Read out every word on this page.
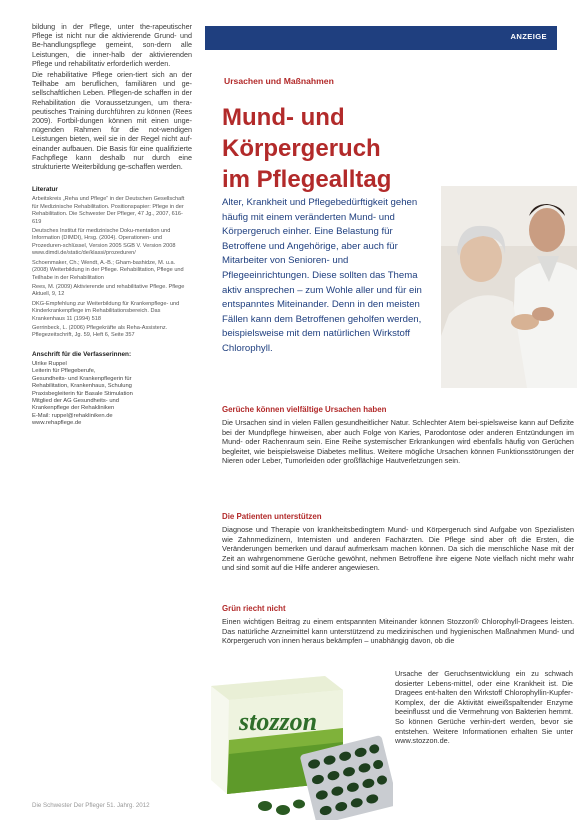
bildung in der Pflege, unter the-rapeutischer Pflege ist nicht nur die aktivierende Grund- und Be-handlungspflege gemeint, son-dern alle Leistungen, die inner-halb der aktivierenden Pflege und rehabilitativ erforderlich werden.

Die rehabilitative Pflege orien-tiert sich an der Teilhabe am beruflichen, familiären und ge-sellschaftlichen Leben. Pflegen-de schaffen in der Rehabilitation die Voraussetzungen, um thera-peutisches Training durchführen zu können (Rees 2009). Fortbil-dungen können mit einen unge-nügenden Rahmen für die not-wendigen Leistungen bieten, weil sie in der Regel nicht auf-einander aufbauen. Die Basis für eine qualifizierte Fachpflege kann deshalb nur durch eine strukturierte Weiterbildung ge-schaffen werden.

Literatur
Arbeitskreis „Reha und Pflege“ in der Deutschen Gesellschaft für Medizinische Rehabilitation. Positionspapier: Pflege in der Rehabilitation. Die Schwester Der Pfleger, 47 Jg., 2007, 616-619
Deutsches Institut für medizinische Doku-mentation und Information (DIMDI), Hrsg. (2004). Operationen- und Prozeduren-schlüssel, Version 2005 SGB V. Version 2008 www.dimdi.de/static/de/klassi/prozeduren/
Schoenmaker, Ch.; Wendt, A.-B.; Gham-bashidze, M. u.a. (2008) Weiterbildung in der Pflege. Rehabilitation, Pflege und Teilhabe in der Rehabilitation
Rees, M. (2009) Aktivierende und rehabilitative Pflege. Pflege Aktuell, 9, 12
DKG-Empfehlung zur Weiterbildung für Krankenpflege- und Kinderkrankenpflege im Rehabilitationsbereich. Das Krankenhaus 11 (1994) 518
Gerrinbeck, L. (2006) Pflegekräfte als Reha-Assistenz. Pflegezeitschrift, Jg. 59, Heft 6, Seite 357
Anschrift für die Verfasserinnen:
Ulrike Ruppel
Leiterin für Pflegeberufe,
Gesundheits- und Krankenpflegerin für
Rehabilitation, Krankenhaus, Schulung
Praxisbegleiterin für Basale Stimulation
Mitglied der AG Gesundheits- und
Krankenpflege der Rehakliniken
E-Mail: ruppel@rehakliniken.de
www.rehapflege.de
Die Schwester Der Pfleger 51. Jahrg. 2012
ANZEIGE
Ursachen und Maßnahmen
Mund- und Körpergeruch
im Pflegealltag
Alter, Krankheit und Pflegebedürftigkeit gehen häufig mit einem veränderten Mund- und Körpergeruch einher. Eine Belastung für Betroffene und Angehörige, aber auch für Mitarbeiter von Senioren- und Pflegeeinrichtungen. Diese sollten das Thema aktiv ansprechen – zum Wohle aller und für ein entspanntes Miteinander. Denn in den meisten Fällen kann dem Betroffenen geholfen werden, beispielsweise mit dem natürlichen Wirkstoff Chlorophyll.
Gerüche können vielfältige Ursachen haben
Die Ursachen sind in vielen Fällen gesundheitlicher Natur. Schlechter Atem bei-spielsweise kann auf Defizite bei der Mundpflege hinweisen, aber auch Folge von Karies, Parodontose oder anderen Entzündungen im Mund- oder Rachenraum sein. Eine Reihe systemischer Erkrankungen wird ebenfalls häufig von Gerüchen begleitet, wie beispielsweise Diabetes mellitus. Weitere mögliche Ursachen können Funktionsstörungen der Nieren oder Leber, Tumorleiden oder großflächige Hautverletzungen sein.
Die Patienten unterstützen
Diagnose und Therapie von krankheitsbedingtem Mund- und Körpergeruch sind Aufgabe von Spezialisten wie Zahnmedizinern, Internisten und anderen Fachärzten. Die Pflege sind aber oft die Ersten, die Veränderungen bemerken und darauf aufmerksam machen können. Da sich die menschliche Nase mit der Zeit an wahrgenommene Gerüche gewöhnt, nehmen Betroffene ihre eigene Note vielfach nicht mehr wahr und sind somit auf die Hilfe anderer angewiesen.
Grün riecht nicht
Einen wichtigen Beitrag zu einem entspannten Miteinander können Stozzon® Chlorophyll-Dragees leisten. Das natürliche Arzneimittel kann unterstützend zu medizinischen und hygienischen Maßnahmen Mund- und Körpergeruch von innen heraus bekämpfen – unabhängig davon, ob die
Ursache der Geruchsentwicklung ein zu schwach dosierter Lebens-mittel, oder eine Krankheit ist. Die Dragees ent-halten den Wirkstoff Chlorophyllin-Kupfer-Komplex, der die Aktivität eiweißspaltender Enzyme beeinflusst und die Vermehrung von Bakterien hemmt. So können Gerüche verhin-dert werden, bevor sie entstehen. Weitere Informationen erhalten Sie unter www.stozzon.de.
stozzon
